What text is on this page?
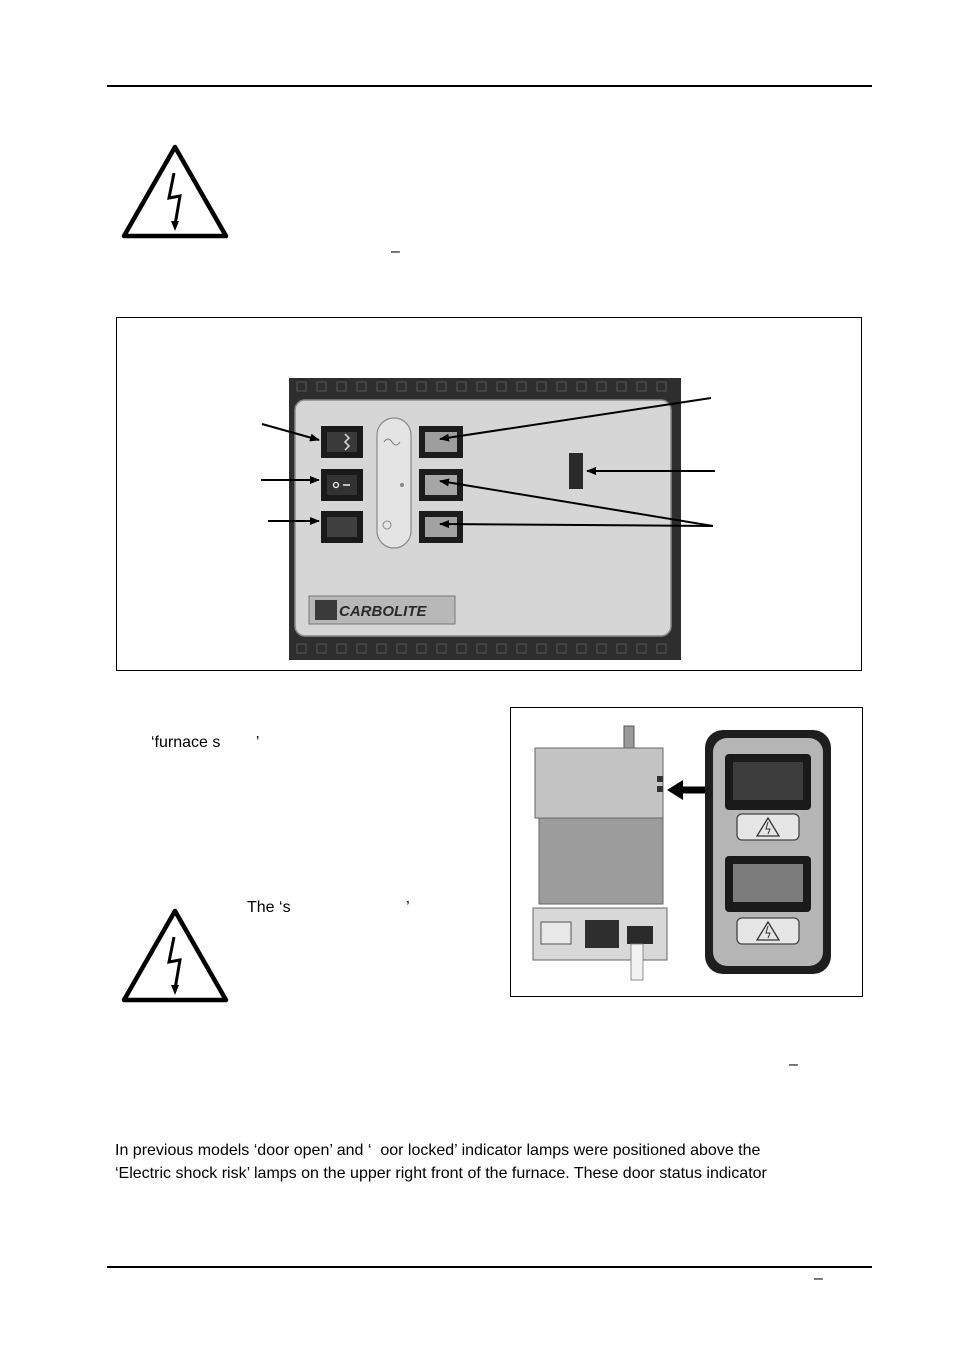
–
CARBOLITE
‘furnace s        ’
The ‘s                          ’
–
In previous models ‘door open’ and ‘  oor locked’ indicator lamps were positioned above the
‘Electric shock risk’ lamps on the upper right front of the furnace. These door status indicator
–
